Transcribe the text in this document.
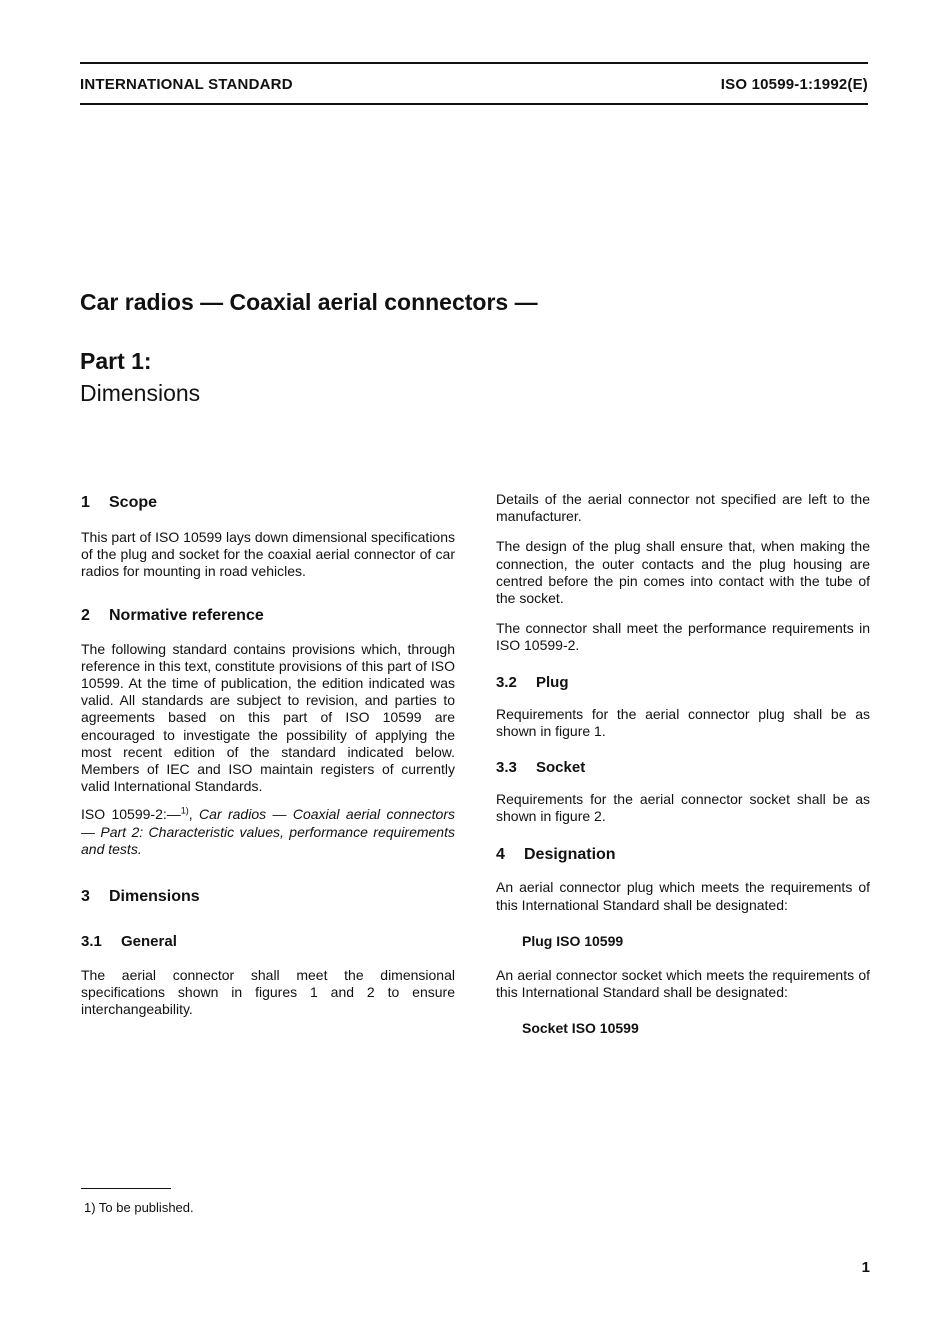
INTERNATIONAL STANDARD	ISO 10599-1:1992(E)
Car radios — Coaxial aerial connectors —
Part 1:
Dimensions
1 Scope

This part of ISO 10599 lays down dimensional specifications of the plug and socket for the coaxial aerial connector of car radios for mounting in road vehicles.

2 Normative reference

The following standard contains provisions which, through reference in this text, constitute provisions of this part of ISO 10599. At the time of publication, the edition indicated was valid. All standards are subject to revision, and parties to agreements based on this part of ISO 10599 are encouraged to investigate the possibility of applying the most recent edition of the standard indicated below. Members of IEC and ISO maintain registers of currently valid International Standards.

ISO 10599-2:—$^{1)}$, Car radios — Coaxial aerial connectors — Part 2: Characteristic values, performance requirements and tests.

3 Dimensions
3.1 General

The aerial connector shall meet the dimensional specifications shown in figures 1 and 2 to ensure interchangeability.

Details of the aerial connector not specified are left to the manufacturer.

The design of the plug shall ensure that, when making the connection, the outer contacts and the plug housing are centred before the pin comes into contact with the tube of the socket.

The connector shall meet the performance requirements in ISO 10599-2.

3.2 Plug

Requirements for the aerial connector plug shall be as shown in figure 1.

3.3 Socket

Requirements for the aerial connector socket shall be as shown in figure 2.

4 Designation

An aerial connector plug which meets the requirements of this International Standard shall be designated:

Plug ISO 10599

An aerial connector socket which meets the requirements of this International Standard shall be designated:

Socket ISO 10599

1) To be published.
1
